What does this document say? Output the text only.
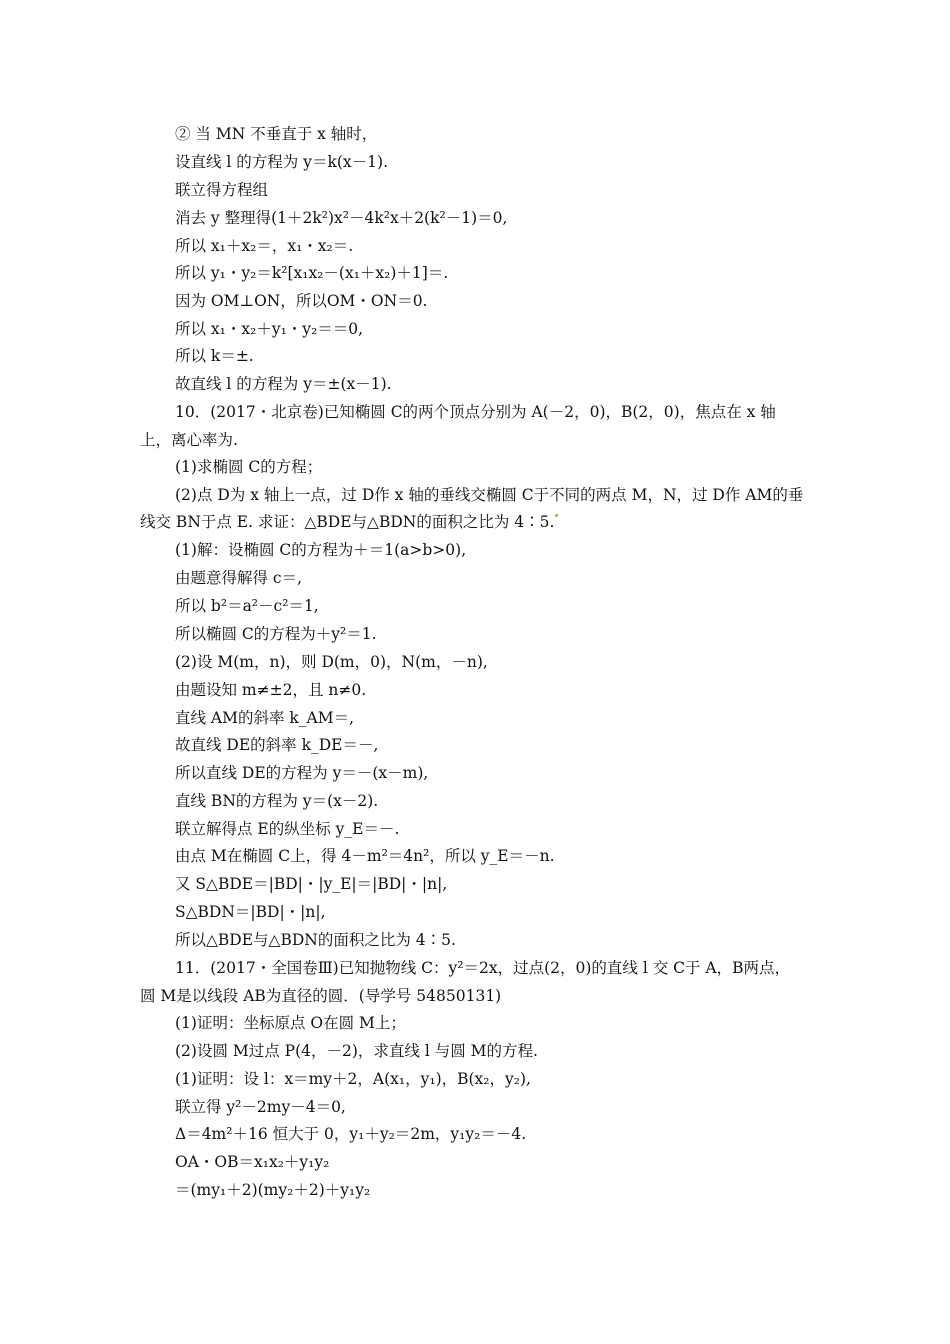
② 当 MN 不垂直于 x 轴时，
设直线 l 的方程为 y＝k(x－1).
联立得方程组
消去 y 整理得(1＋2k²)x²－4k²x＋2(k²－1)＝0,
所以 x₁＋x₂＝，x₁・x₂＝.
所以 y₁・y₂＝k²[x₁x₂－(x₁＋x₂)＋1]＝.
因为 OM⊥ON，所以OM・ON＝0.
所以 x₁・x₂＋y₁・y₂＝＝0,
所以 k＝±.
故直线 l 的方程为 y＝±(x－1).
10．(2017・北京卷)已知椭圆 C的两个顶点分别为 A(－2，0)，B(2，0)，焦点在 x 轴
上，离心率为.
(1)求椭圆 C的方程；
(2)点 D为 x 轴上一点，过 D作 x 轴的垂线交椭圆 C于不同的两点 M，N，过 D作 AM的垂
线交 BN于点 E. 求证：△BDE与△BDN的面积之比为 4∶5.
(1)解：设椭圆 C的方程为＋＝1(a>b>0),
由题意得解得 c＝,
所以 b²＝a²－c²＝1,
所以椭圆 C的方程为＋y²＝1.
(2)设 M(m，n)，则 D(m，0)，N(m，－n),
由题设知 m≠±2，且 n≠0.
直线 AM的斜率 k_AM＝,
故直线 DE的斜率 k_DE＝－,
所以直线 DE的方程为 y＝－(x－m),
直线 BN的方程为 y＝(x－2).
联立解得点 E的纵坐标 y_E＝－.
由点 M在椭圆 C上，得 4－m²＝4n²，所以 y_E＝－n.
又 S△BDE＝|BD|・|y_E|＝|BD|・|n|,
S△BDN＝|BD|・|n|,
所以△BDE与△BDN的面积之比为 4∶5.
11．(2017・全国卷Ⅲ)已知抛物线 C：y²＝2x，过点(2，0)的直线 l 交 C于 A，B两点，
圆 M是以线段 AB为直径的圆．(导学号 54850131)
(1)证明：坐标原点 O在圆 M上；
(2)设圆 M过点 P(4，－2)，求直线 l 与圆 M的方程.
(1)证明：设 l：x＝my＋2，A(x₁，y₁)，B(x₂，y₂),
联立得 y²－2my－4＝0,
Δ＝4m²＋16 恒大于 0，y₁＋y₂＝2m，y₁y₂＝－4.
OA・OB＝x₁x₂＋y₁y₂
＝(my₁＋2)(my₂＋2)＋y₁y₂
